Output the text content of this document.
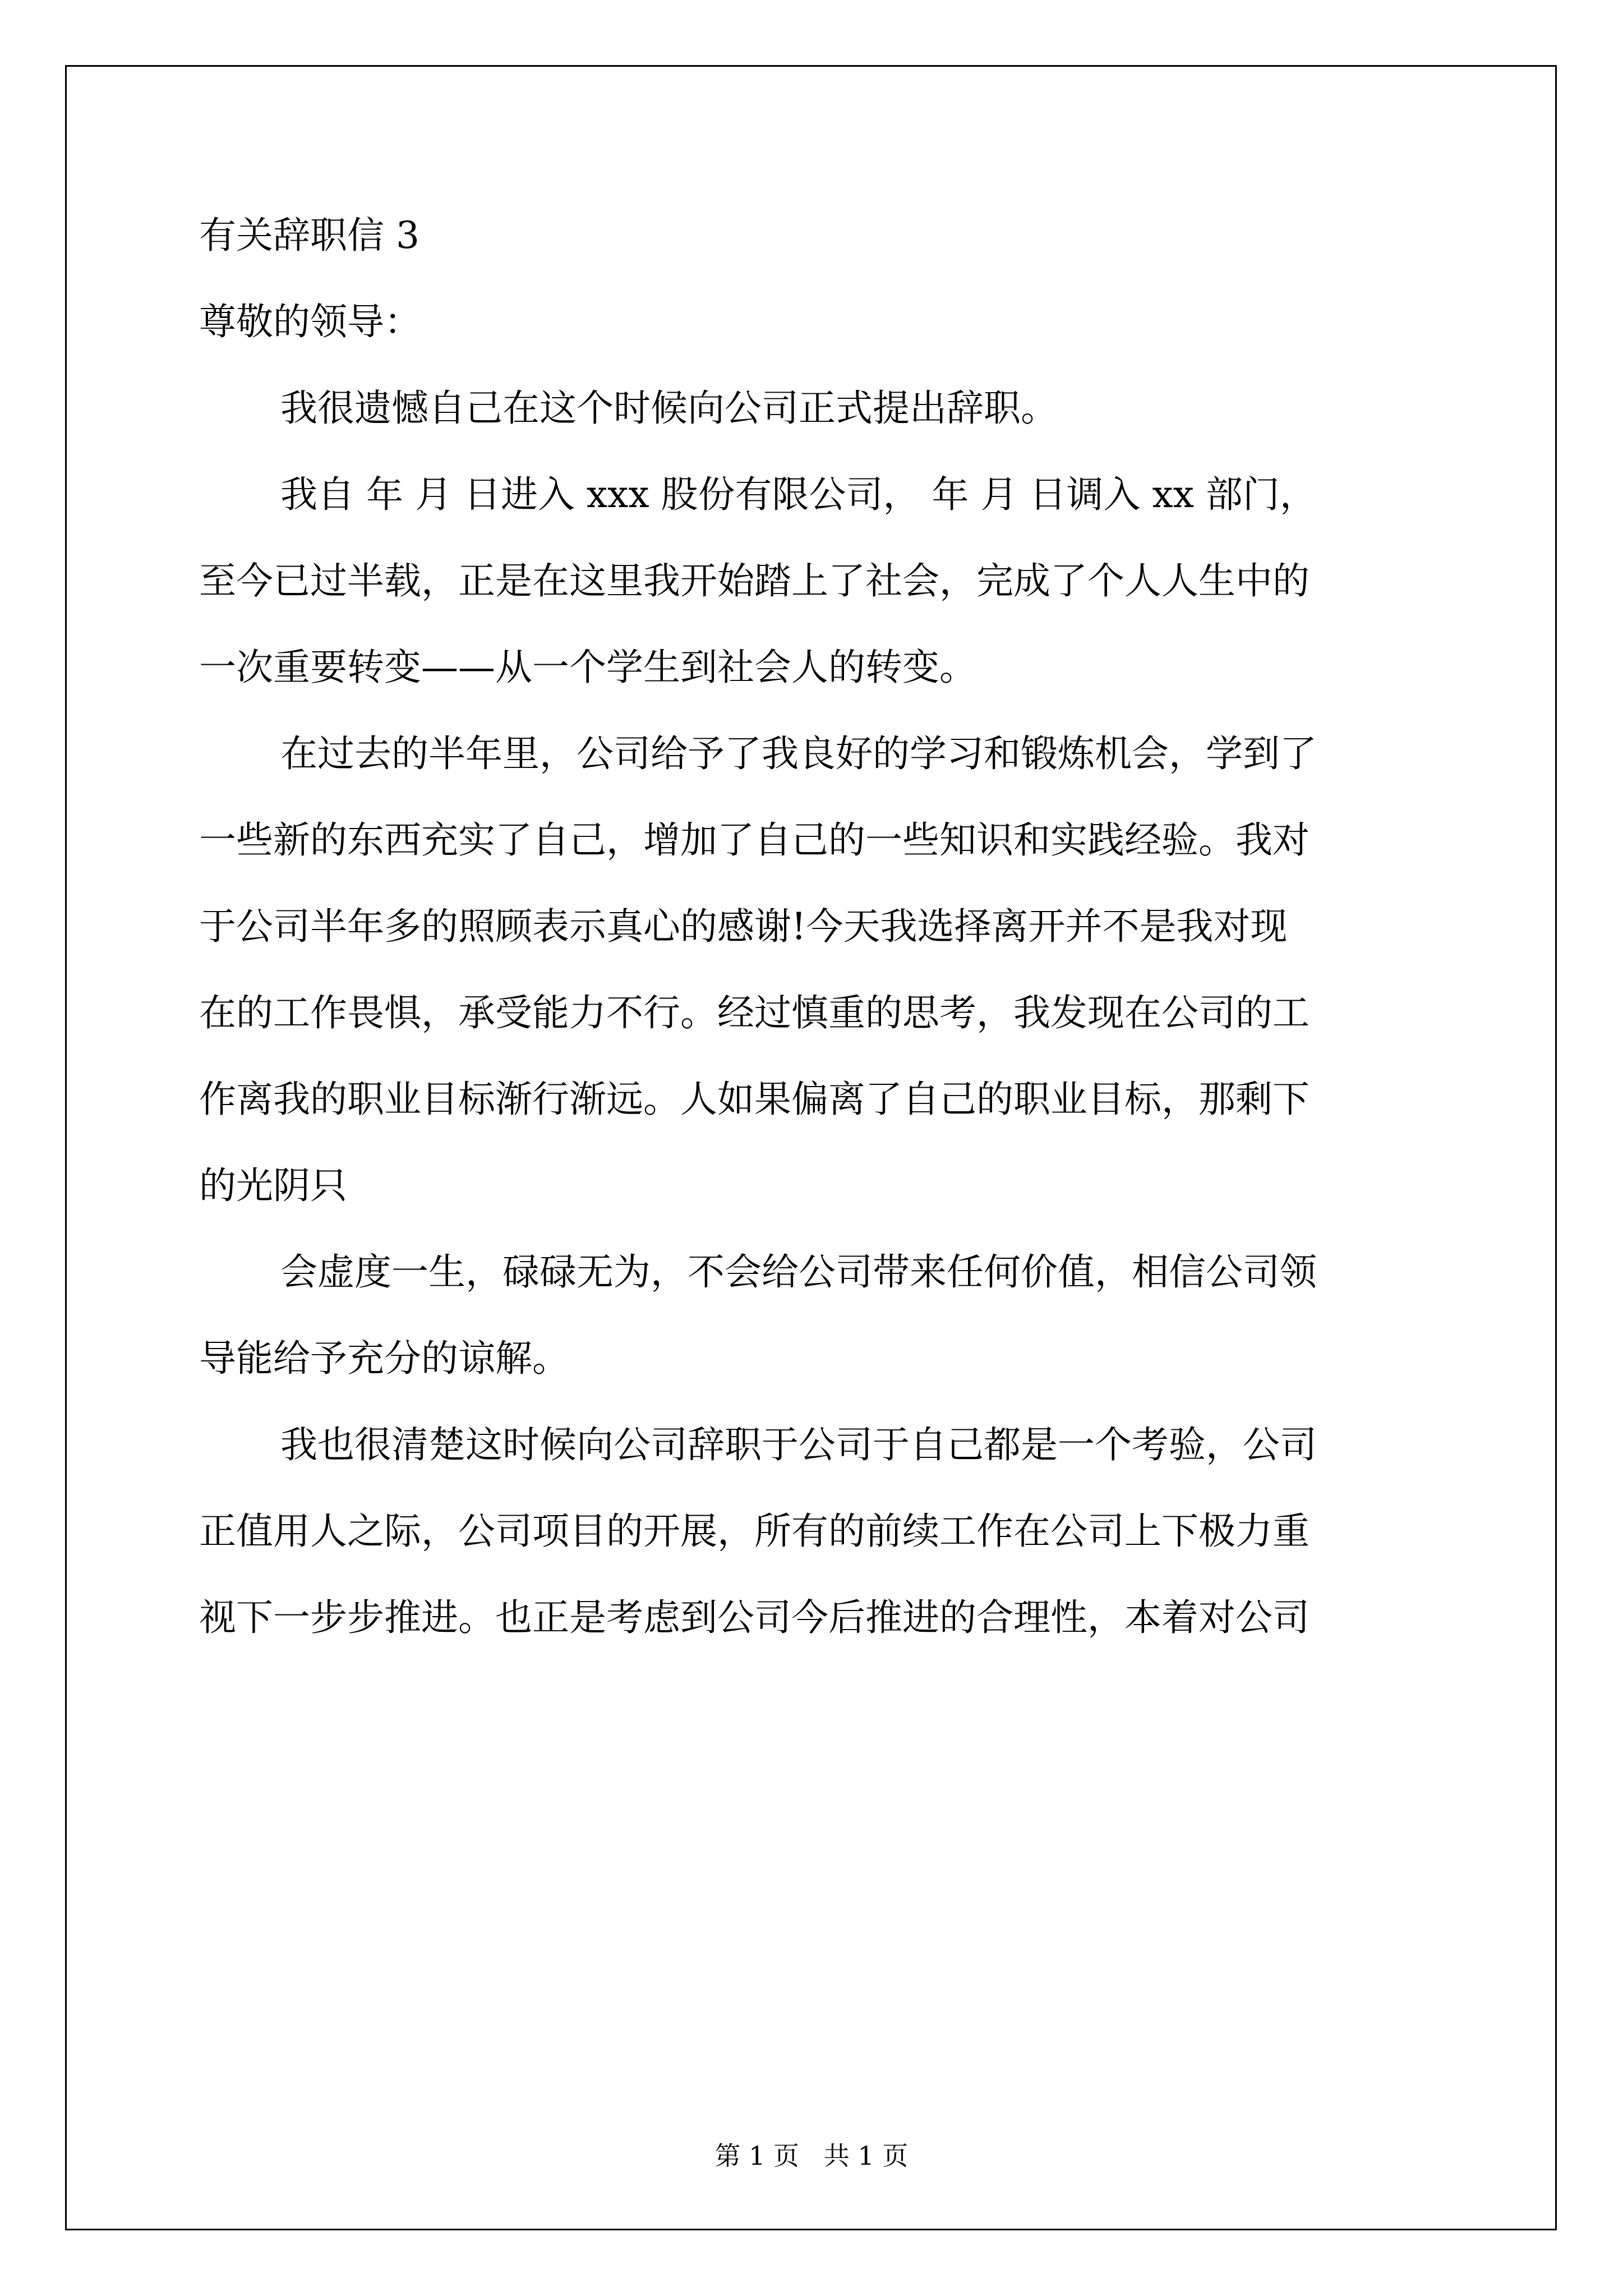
有关辞职信 3
尊敬的领导：
我很遗憾自己在这个时候向公司正式提出辞职。
我自 年 月 日进入 xxx 股份有限公司， 年 月 日调入 xx 部门，
至今已过半载，正是在这里我开始踏上了社会，完成了个人人生中的
一次重要转变——从一个学生到社会人的转变。
在过去的半年里，公司给予了我良好的学习和锻炼机会，学到了
一些新的东西充实了自己，增加了自己的一些知识和实践经验。我对
于公司半年多的照顾表示真心的感谢!今天我选择离开并不是我对现
在的工作畏惧，承受能力不行。经过慎重的思考，我发现在公司的工
作离我的职业目标渐行渐远。人如果偏离了自己的职业目标，那剩下
的光阴只
会虚度一生，碌碌无为，不会给公司带来任何价值，相信公司领
导能给予充分的谅解。
我也很清楚这时候向公司辞职于公司于自己都是一个考验，公司
正值用人之际，公司项目的开展，所有的前续工作在公司上下极力重
视下一步步推进。也正是考虑到公司今后推进的合理性，本着对公司
第 1 页   共 1 页
